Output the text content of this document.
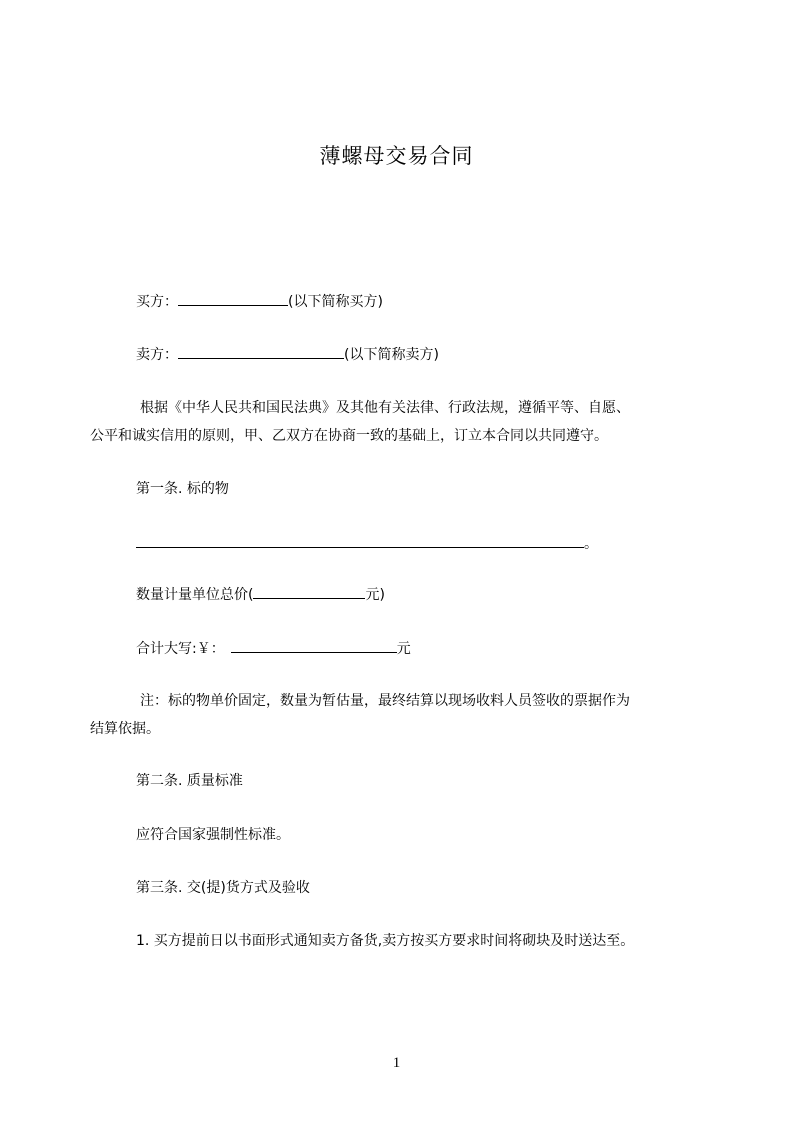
薄螺母交易合同
买方：	(以下简称买方)
卖方：	(以下简称卖方)
根据《中华人民共和国民法典》及其他有关法律、行政法规，遵循平等、自愿、
公平和诚实信用的原则，甲、乙双方在协商一致的基础上，订立本合同以共同遵守。
第一条. 标的物
。
数量计量单位总价(	元)
合计大写:￥：	元
注：标的物单价固定，数量为暂估量，最终结算以现场收料人员签收的票据作为
结算依据。
第二条. 质量标准
应符合国家强制性标准。
第三条. 交(提)货方式及验收
1. 买方提前日以书面形式通知卖方备货,卖方按买方要求时间将砌块及时送达至。
1
